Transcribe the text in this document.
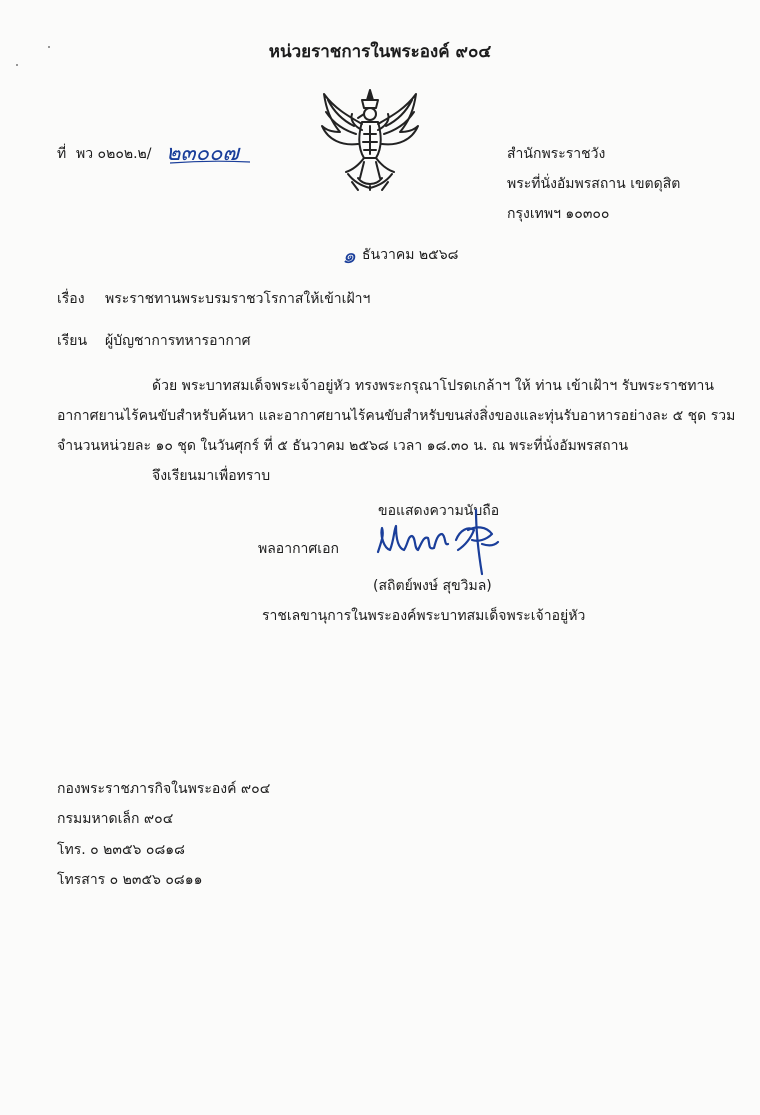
หน่วยราชการในพระองค์ ๙๐๔
ที่ พว ๐๒๐๒.๒/ ๒๓๐๐๗	สำนักพระราชวัง
พระที่นั่งอัมพรสถาน เขตดุสิต
กรุงเทพฯ ๑๐๓๐๐
๑ ธันวาคม ๒๕๖๘
เรื่อง พระราชทานพระบรมราชวโรกาสให้เข้าเฝ้าฯ
เรียน ผู้บัญชาการทหารอากาศ
ด้วย พระบาทสมเด็จพระเจ้าอยู่หัว ทรงพระกรุณาโปรดเกล้าฯ ให้ ท่าน เข้าเฝ้าฯ รับพระราชทาน
อากาศยานไร้คนขับสำหรับค้นหา และอากาศยานไร้คนขับสำหรับขนส่งสิ่งของและทุ่นรับอาหารอย่างละ ๕ ชุด รวม
จำนวนหน่วยละ ๑๐ ชุด ในวันศุกร์ ที่ ๕ ธันวาคม ๒๕๖๘ เวลา ๑๘.๓๐ น. ณ พระที่นั่งอัมพรสถาน
จึงเรียนมาเพื่อทราบ
ขอแสดงความนับถือ
พลอากาศเอก
(สถิตย์พงษ์ สุขวิมล)
ราชเลขานุการในพระองค์พระบาทสมเด็จพระเจ้าอยู่หัว
กองพระราชภารกิจในพระองค์ ๙๐๔
กรมมหาดเล็ก ๙๐๔
โทร. ๐ ๒๓๕๖ ๐๘๑๘
โทรสาร ๐ ๒๓๕๖ ๐๘๑๑
